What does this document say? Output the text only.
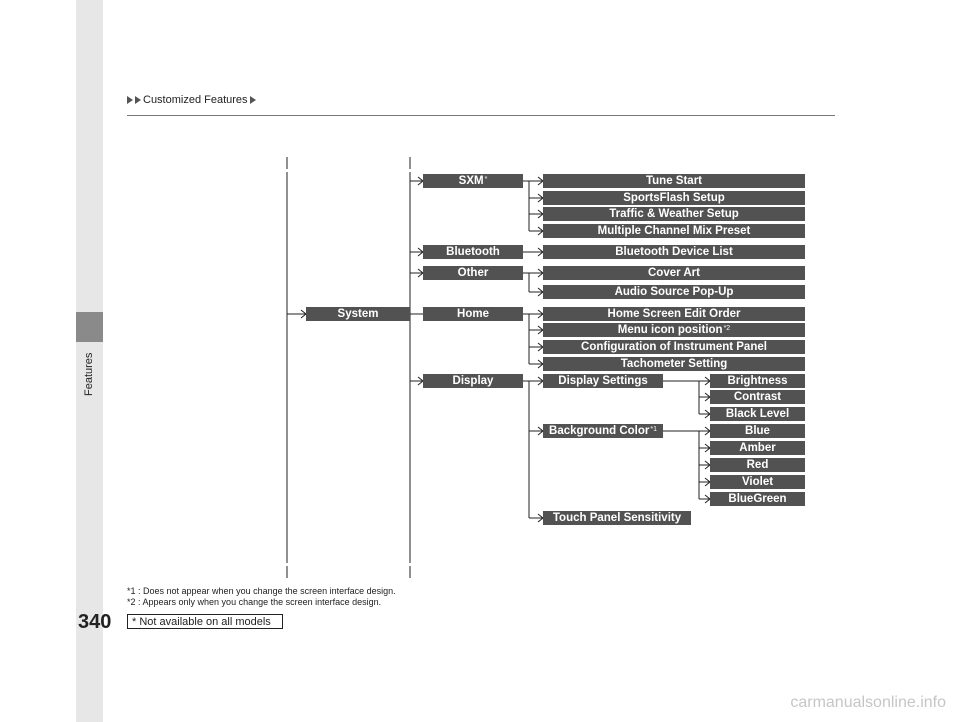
Features
Customized Features
System
SXM*
Bluetooth
Other
Home
Display
Tune Start
SportsFlash Setup
Traffic & Weather Setup
Multiple Channel Mix Preset
Bluetooth Device List
Cover Art
Audio Source Pop-Up
Home Screen Edit Order
Menu icon position$^{*2}$
Configuration of Instrument Panel
Tachometer Setting
Display Settings
Background Color$^{*1}$
Touch Panel Sensitivity
Brightness
Contrast
Black Level
Blue
Amber
Red
Violet
BlueGreen
*1 : Does not appear when you change the screen interface design.
*2 : Appears only when you change the screen interface design.
340	* Not available on all models
carmanualsonline.info
